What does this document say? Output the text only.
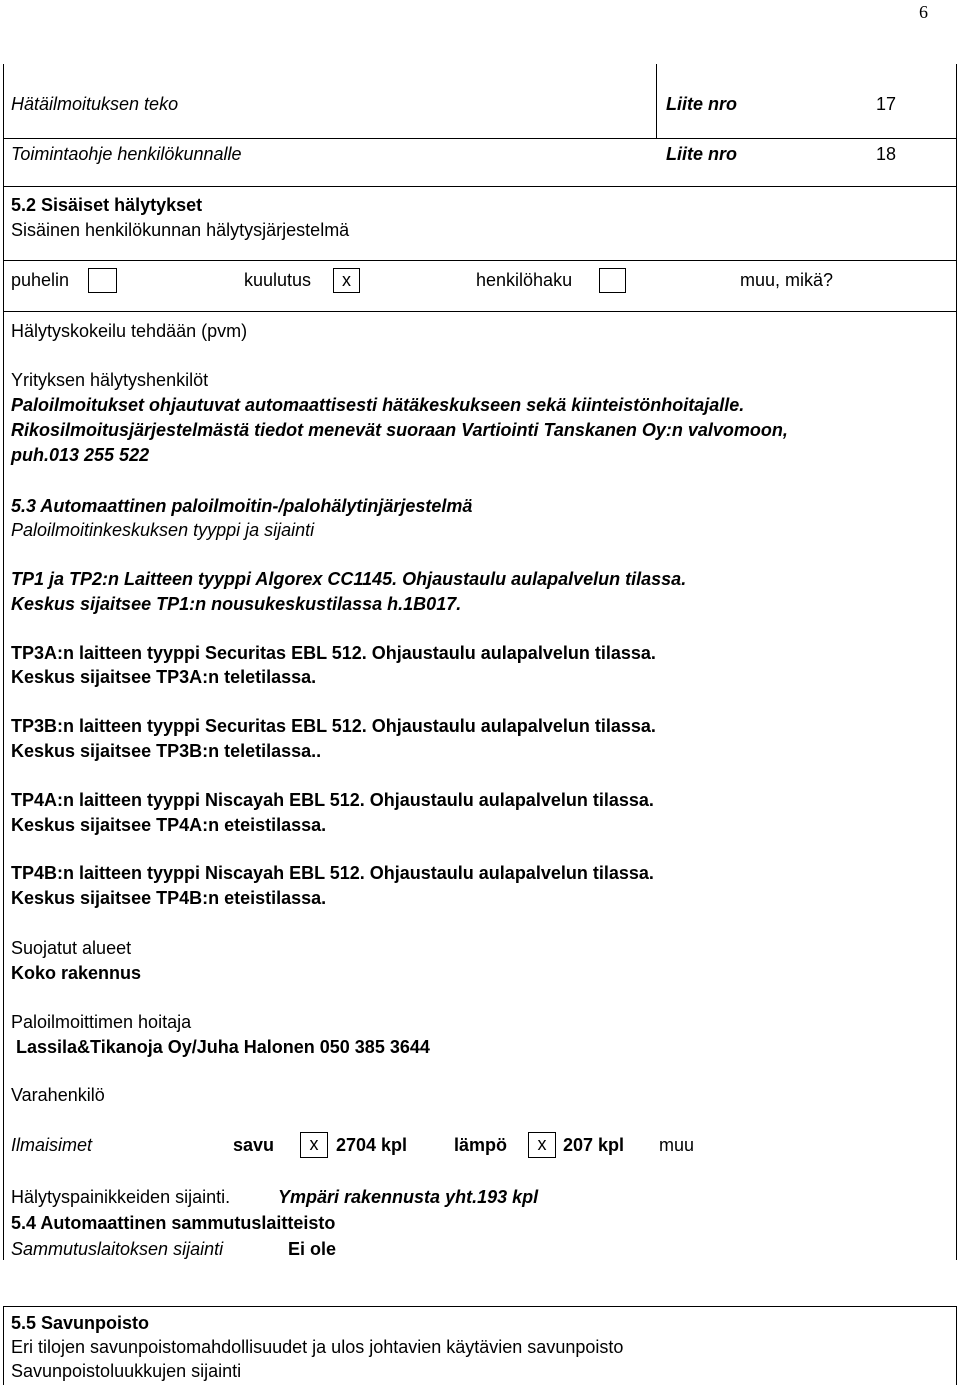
6
Hätäilmoituksen teko	Liite nro	17
Toimintaohje henkilökunnalle	Liite nro	18
5.2 Sisäiset hälytykset
Sisäinen henkilökunnan hälytysjärjestelmä
puhelin	kuulutus	x	henkilöhaku	muu, mikä?
Hälytyskokeilu tehdään (pvm)
Yrityksen hälytyshenkilöt
Paloilmoitukset ohjautuvat automaattisesti hätäkeskukseen sekä kiinteistönhoitajalle.
Rikosilmoitusjärjestelmästä tiedot menevät suoraan Vartiointi Tanskanen Oy:n valvomoon,
puh.013 255 522
5.3 Automaattinen paloilmoitin-/palohälytinjärjestelmä
Paloilmoitinkeskuksen tyyppi ja sijainti
TP1 ja TP2:n Laitteen tyyppi Algorex CC1145. Ohjaustaulu aulapalvelun tilassa.
Keskus sijaitsee TP1:n nousukeskustilassa h.1B017.
TP3A:n laitteen tyyppi Securitas EBL 512. Ohjaustaulu aulapalvelun tilassa.
Keskus sijaitsee TP3A:n teletilassa.
TP3B:n laitteen tyyppi Securitas EBL 512. Ohjaustaulu aulapalvelun tilassa.
Keskus sijaitsee TP3B:n teletilassa..
TP4A:n laitteen tyyppi Niscayah EBL 512. Ohjaustaulu aulapalvelun tilassa.
Keskus sijaitsee TP4A:n eteistilassa.
TP4B:n laitteen tyyppi Niscayah EBL 512. Ohjaustaulu aulapalvelun tilassa.
Keskus sijaitsee TP4B:n eteistilassa.
Suojatut alueet
Koko rakennus
Paloilmoittimen hoitaja
Lassila&Tikanoja Oy/Juha Halonen 050 385 3644
Varahenkilö
Ilmaisimet	savu	x 2704 kpl	lämpö	x 207 kpl muu
Hälytyspainikkeiden sijainti.	Ympäri rakennusta yht.193 kpl
5.4 Automaattinen sammutuslaitteisto
Sammutuslaitoksen sijainti	Ei ole
5.5 Savunpoisto
Eri tilojen savunpoistomahdollisuudet ja ulos johtavien käytävien savunpoisto
Savunpoistoluukkujen sijainti
